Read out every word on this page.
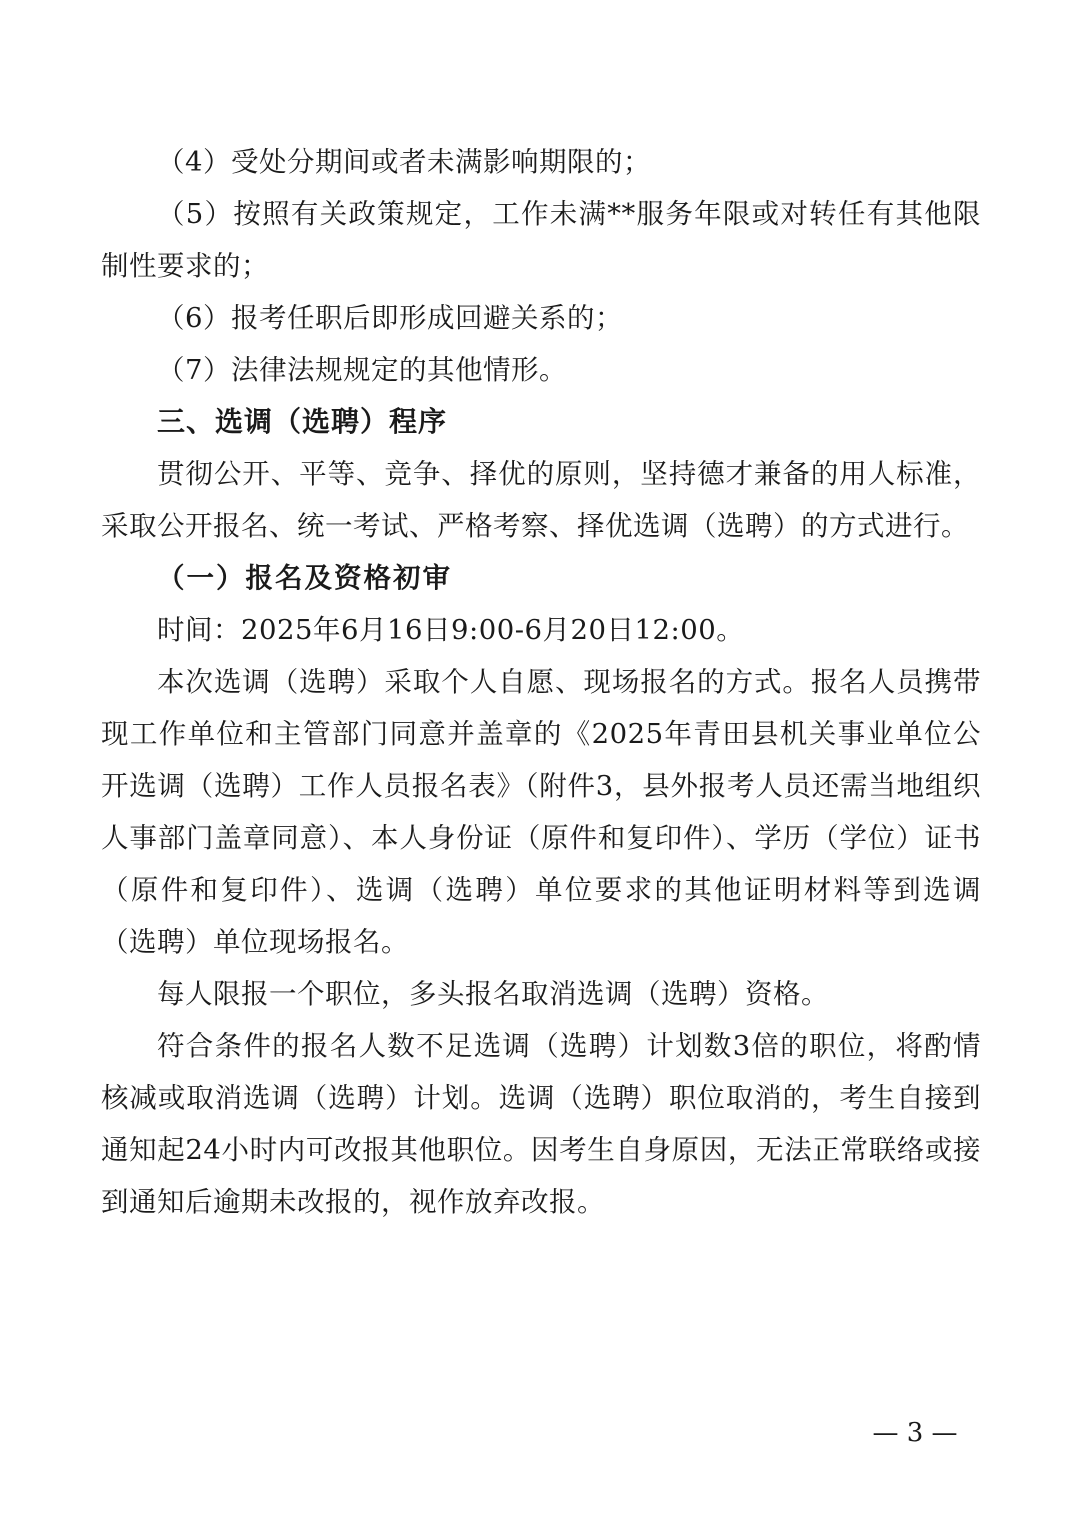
（4）受处分期间或者未满影响期限的；

（5）按照有关政策规定，工作未满**服务年限或对转任有其他限制性要求的；

（6）报考任职后即形成回避关系的；

（7）法律法规规定的其他情形。

三、选调（选聘）程序

贯彻公开、平等、竞争、择优的原则，坚持德才兼备的用人标准，采取公开报名、统一考试、严格考察、择优选调（选聘）的方式进行。

（一）报名及资格初审

时间：2025年6月16日9:00-6月20日12:00。

本次选调（选聘）采取个人自愿、现场报名的方式。报名人员携带现工作单位和主管部门同意并盖章的《2025年青田县机关事业单位公开选调（选聘）工作人员报名表》（附件3，县外报考人员还需当地组织人事部门盖章同意）、本人身份证（原件和复印件）、学历（学位）证书（原件和复印件）、选调（选聘）单位要求的其他证明材料等到选调（选聘）单位现场报名。

每人限报一个职位，多头报名取消选调（选聘）资格。

符合条件的报名人数不足选调（选聘）计划数3倍的职位，将酌情核减或取消选调（选聘）计划。选调（选聘）职位取消的，考生自接到通知起24小时内可改报其他职位。因考生自身原因，无法正常联络或接到通知后逾期未改报的，视作放弃改报。

— 3 —
